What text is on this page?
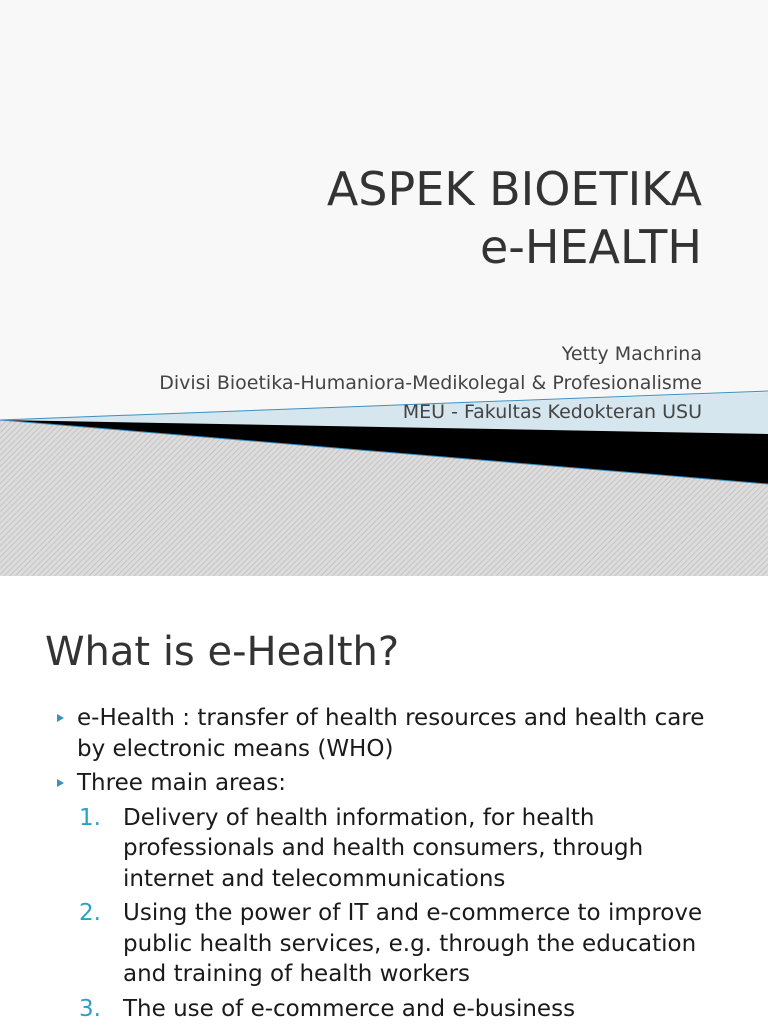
ASPEK BIOETIKA
e-HEALTH
Yetty Machrina
Divisi Bioetika-Humaniora-Medikolegal & Profesionalisme
MEU - Fakultas Kedokteran USU
What is e-Health?
e-Health : transfer of health resources and health care by electronic means (WHO)
Three main areas:
1. Delivery of health information, for health professionals and health consumers, through internet and telecommunications
2. Using the power of IT and e-commerce to improve public health services, e.g. through the education and training of health workers
3. The use of e-commerce and e-business
